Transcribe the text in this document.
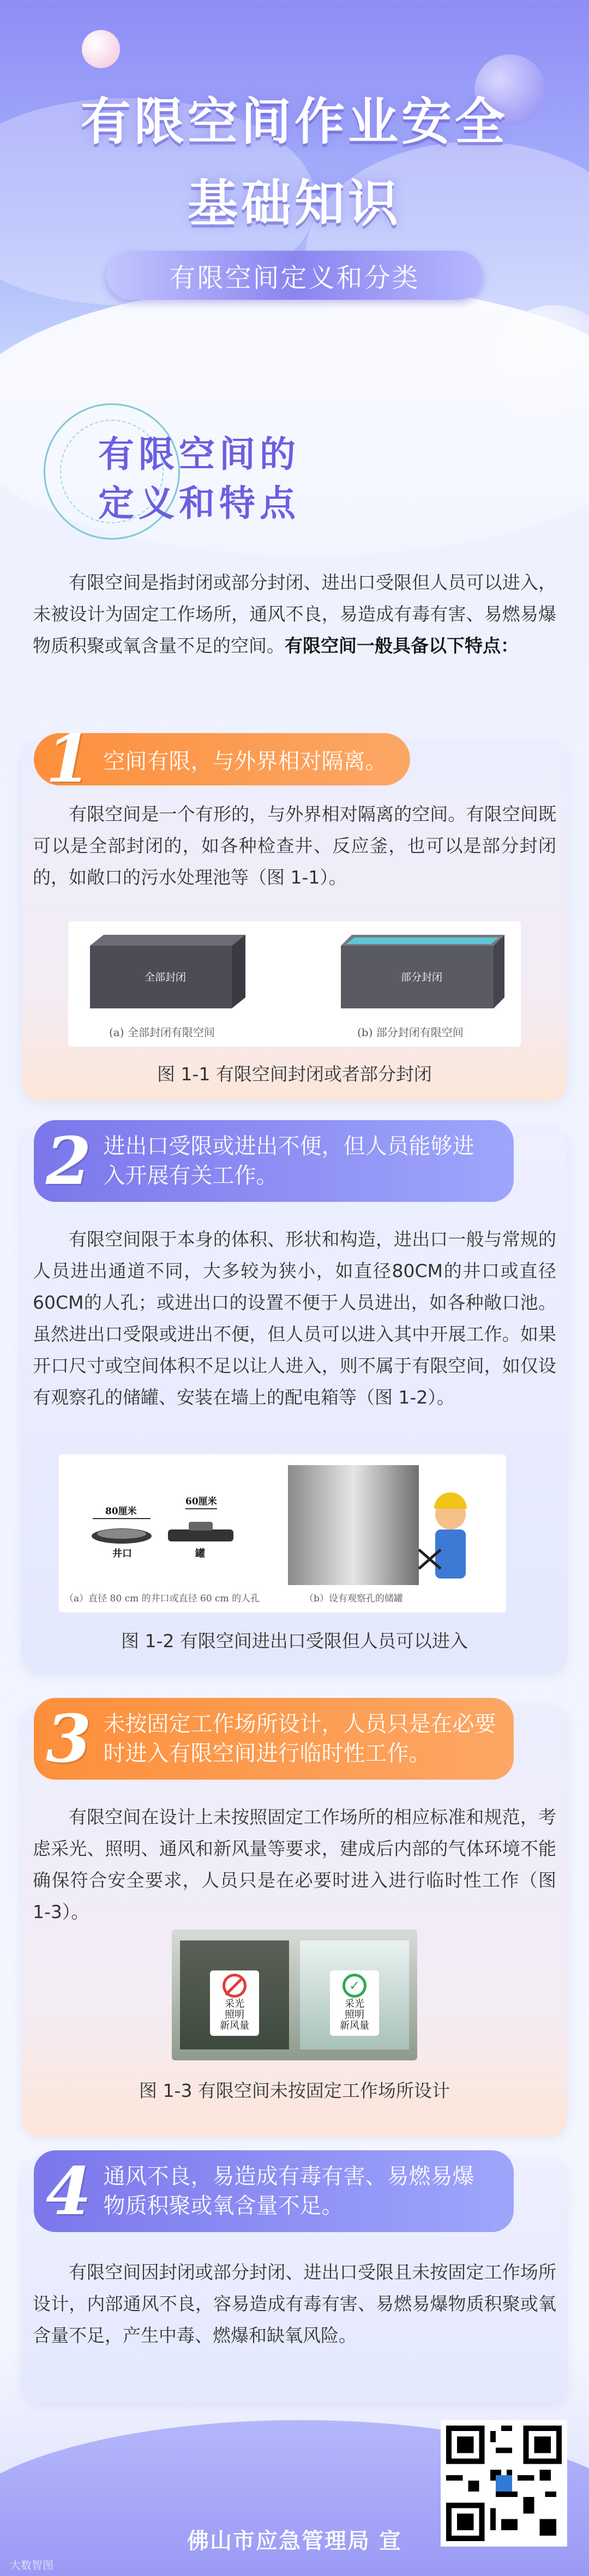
有限空间作业安全
基础知识
有限空间定义和分类
有限空间的
定义和特点
有限空间是指封闭或部分封闭、进出口受限但人员可以进入，未被设计为固定工作场所，通风不良，易造成有毒有害、易燃易爆物质积聚或氧含量不足的空间。有限空间一般具备以下特点：
1 空间有限，与外界相对隔离。
有限空间是一个有形的，与外界相对隔离的空间。有限空间既可以是全部封闭的，如各种检查井、反应釜，也可以是部分封闭的，如敞口的污水处理池等（图 1-1）。
全部封闭	部分封闭
(a) 全部封闭有限空间	(b) 部分封闭有限空间
图 1-1 有限空间封闭或者部分封闭
2 进出口受限或进出不便，但人员能够进
入开展有关工作。
有限空间限于本身的体积、形状和构造，进出口一般与常规的人员进出通道不同，大多较为狭小，如直径80CM的井口或直径60CM的人孔；或进出口的设置不便于人员进出，如各种敞口池。虽然进出口受限或进出不便，但人员可以进入其中开展工作。如果开口尺寸或空间体积不足以让人进入，则不属于有限空间，如仅设有观察孔的储罐、安装在墙上的配电箱等（图 1-2）。
80厘米
井口
60厘米
罐
（a）直径 80 cm 的井口或直径 60 cm 的人孔	（b）设有观察孔的储罐
图 1-2 有限空间进出口受限但人员可以进入
3 未按固定工作场所设计，人员只是在必要
时进入有限空间进行临时性工作。
有限空间在设计上未按照固定工作场所的相应标准和规范，考虑采光、照明、通风和新风量等要求，建成后内部的气体环境不能确保符合安全要求，人员只是在必要时进入进行临时性工作（图 1-3）。
采光
照明
新风量
✓
采光
照明
新风量
图 1-3 有限空间未按固定工作场所设计
4 通风不良，易造成有毒有害、易燃易爆
物质积聚或氧含量不足。
有限空间因封闭或部分封闭、进出口受限且未按固定工作场所设计，内部通风不良，容易造成有毒有害、易燃易爆物质积聚或氧含量不足，产生中毒、燃爆和缺氧风险。
佛山市应急管理局 宣
大数智图
